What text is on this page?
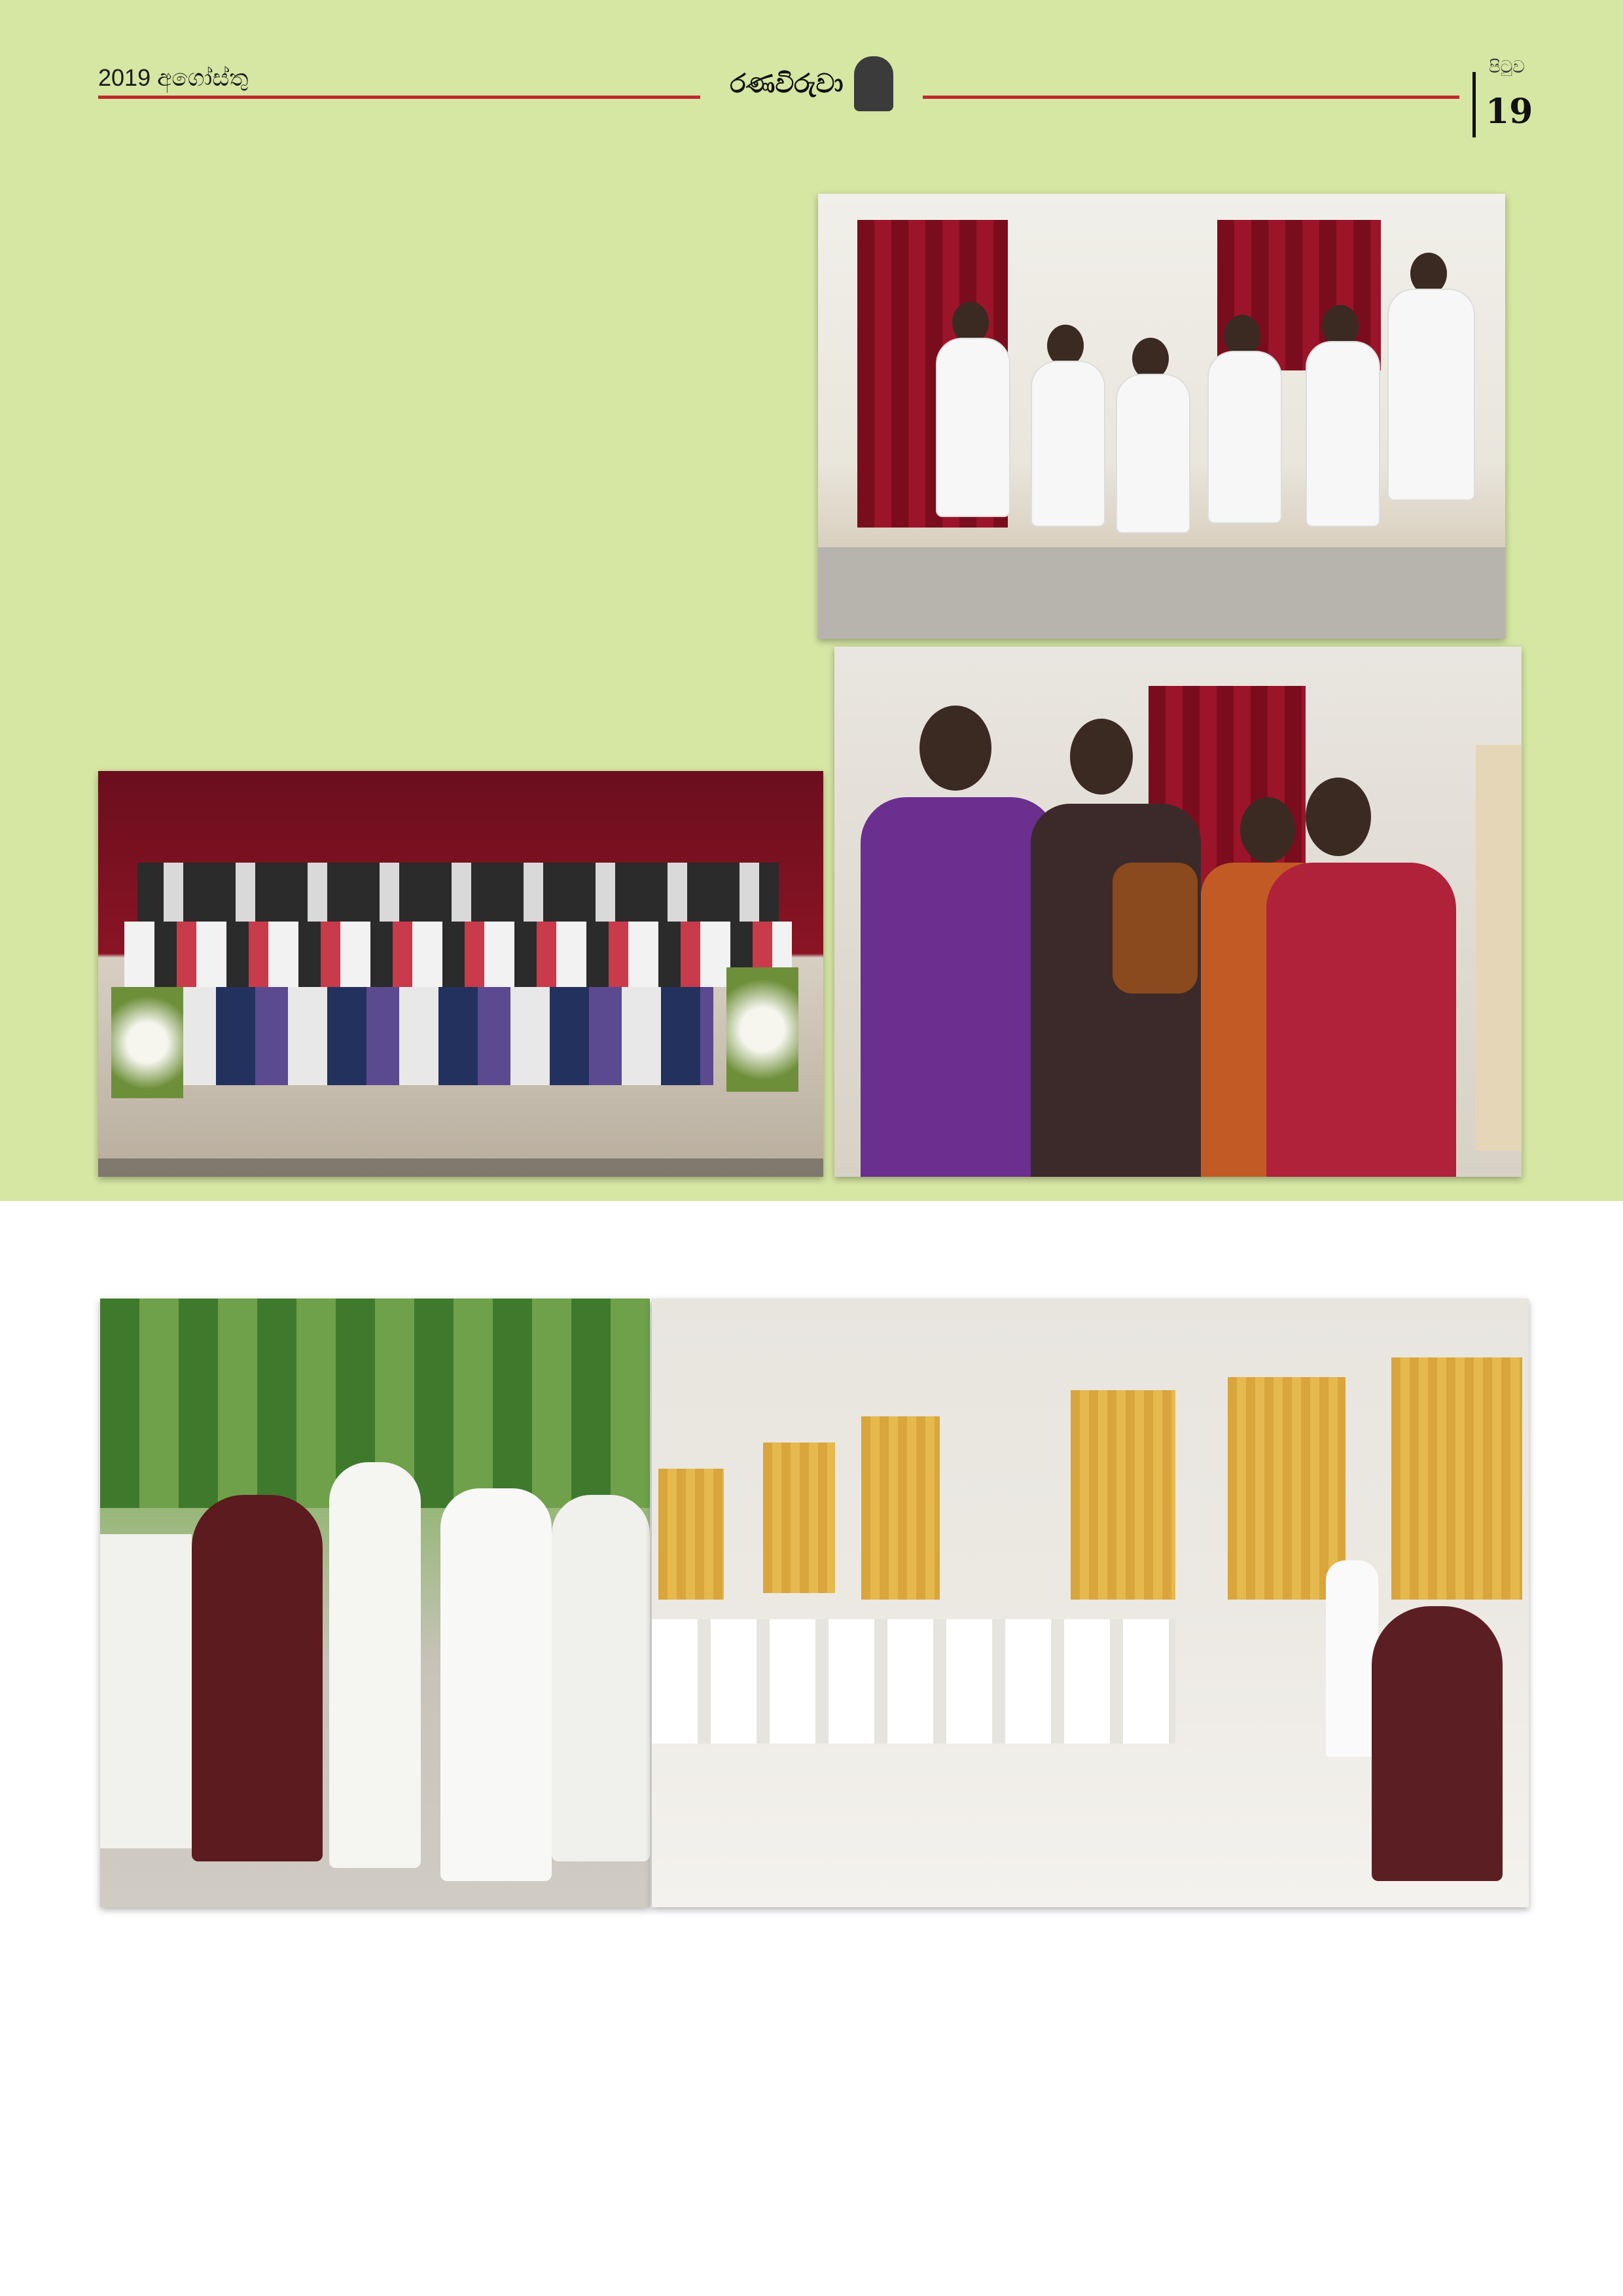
2019 අගෝස්තු	රණවිරුවා
පිටුව
19
